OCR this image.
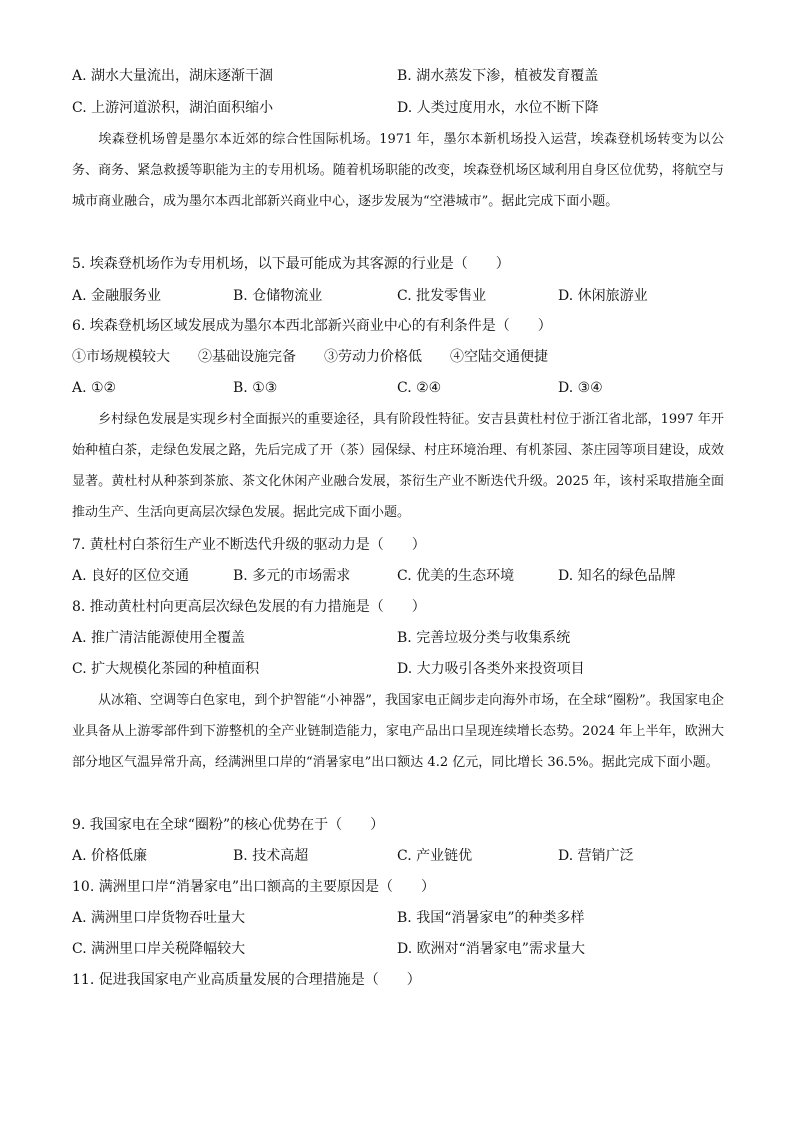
A. 湖水大量流出，湖床逐渐干涸	B. 湖水蒸发下渗，植被发育覆盖
C. 上游河道淤积，湖泊面积缩小	D. 人类过度用水，水位不断下降
埃森登机场曾是墨尔本近郊的综合性国际机场。1971 年，墨尔本新机场投入运营，埃森登机场转变为以公务、商务、紧急救援等职能为主的专用机场。随着机场职能的改变，埃森登机场区域利用自身区位优势，将航空与城市商业融合，成为墨尔本西北部新兴商业中心，逐步发展为“空港城市”。据此完成下面小题。
5. 埃森登机场作为专用机场，以下最可能成为其客源的行业是（　　）
A. 金融服务业	B. 仓储物流业	C. 批发零售业	D. 休闲旅游业
6. 埃森登机场区域发展成为墨尔本西北部新兴商业中心的有利条件是（　　）
①市场规模较大　　②基础设施完备　　③劳动力价格低　　④空陆交通便捷
A. ①②	B. ①③	C. ②④	D. ③④
乡村绿色发展是实现乡村全面振兴的重要途径，具有阶段性特征。安吉县黄杜村位于浙江省北部，1997 年开始种植白茶，走绿色发展之路，先后完成了开（茶）园保绿、村庄环境治理、有机茶园、茶庄园等项目建设，成效显著。黄杜村从种茶到茶旅、茶文化休闲产业融合发展，茶衍生产业不断迭代升级。2025 年，该村采取措施全面推动生产、生活向更高层次绿色发展。据此完成下面小题。
7. 黄杜村白茶衍生产业不断迭代升级的驱动力是（　　）
A. 良好的区位交通	B. 多元的市场需求	C. 优美的生态环境	D. 知名的绿色品牌
8. 推动黄杜村向更高层次绿色发展的有力措施是（　　）
A. 推广清洁能源使用全覆盖	B. 完善垃圾分类与收集系统
C. 扩大规模化茶园的种植面积	D. 大力吸引各类外来投资项目
从冰箱、空调等白色家电，到个护智能“小神器”，我国家电正阔步走向海外市场，在全球“圈粉”。我国家电企业具备从上游零部件到下游整机的全产业链制造能力，家电产品出口呈现连续增长态势。2024 年上半年，欧洲大部分地区气温异常升高，经满洲里口岸的“消暑家电”出口额达 4.2 亿元，同比增长 36.5%。据此完成下面小题。
9. 我国家电在全球“圈粉”的核心优势在于（　　）
A. 价格低廉	B. 技术高超	C. 产业链优	D. 营销广泛
10. 满洲里口岸“消暑家电”出口额高的主要原因是（　　）
A. 满洲里口岸货物吞吐量大	B. 我国“消暑家电”的种类多样
C. 满洲里口岸关税降幅较大	D. 欧洲对“消暑家电”需求量大
11. 促进我国家电产业高质量发展的合理措施是（　　）
